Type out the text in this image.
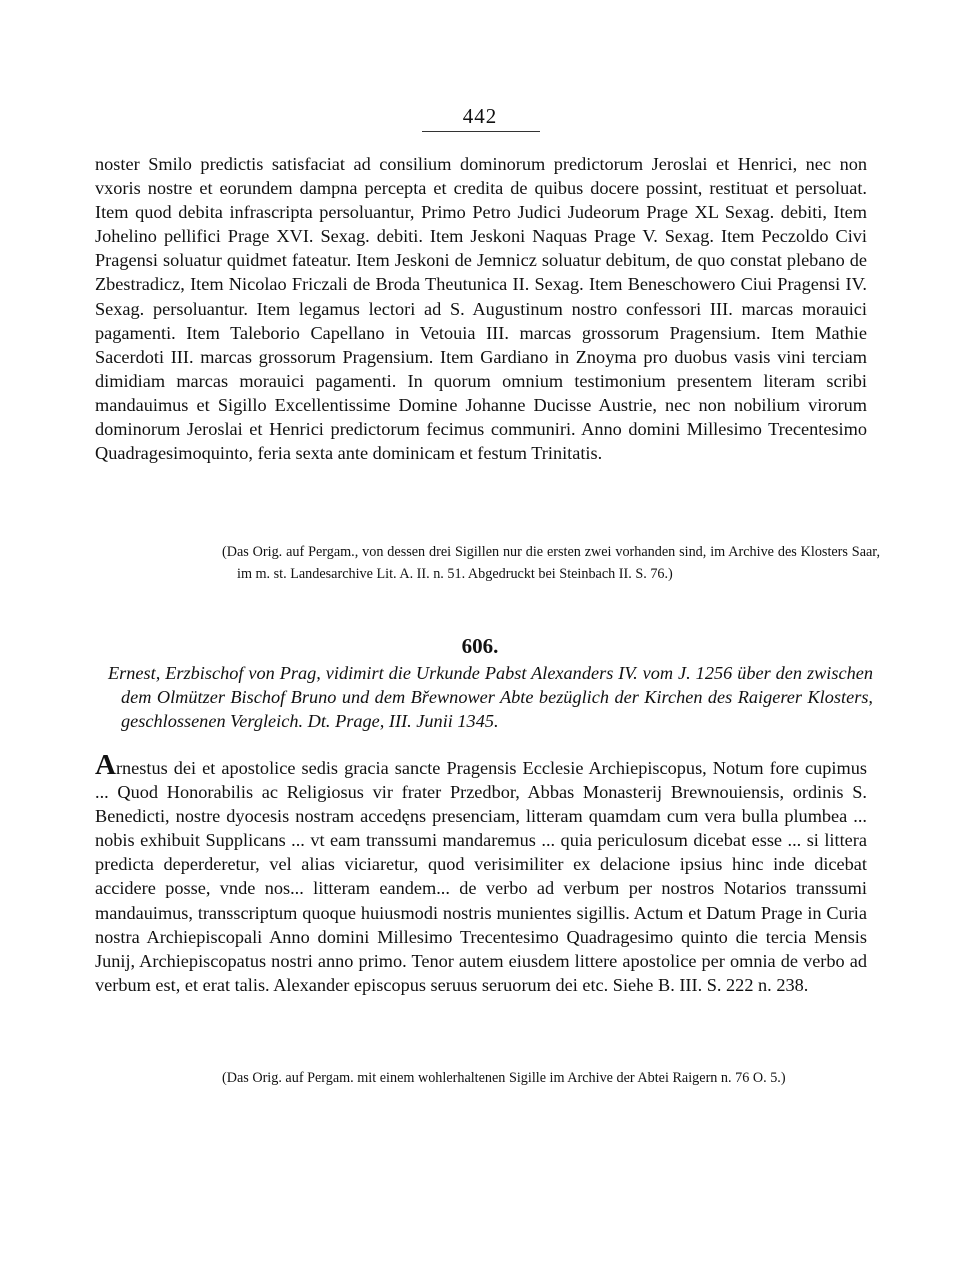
442

noster Smilo predictis satisfaciat ad consilium dominorum predictorum Jeroslai et Henrici, nec non vxoris nostre et eorundem dampna percepta et credita de quibus docere possint, restituat et persoluat. Item quod debita infrascripta persoluantur, Primo Petro Judici Judeorum Prage XL Sexag. debiti, Item Johelino pellifici Prage XVI. Sexag. debiti. Item Jeskoni Naquas Prage V. Sexag. Item Peczoldo Civi Pragensi soluatur quidmet fateatur. Item Jeskoni de Jemnicz soluatur debitum, de quo constat plebano de Zbestradicz, Item Nicolao Friczali de Broda Theutunica II. Sexag. Item Beneschowero Ciui Pragensi IV. Sexag. persoluantur. Item legamus lectori ad S. Augustinum nostro confessori III. marcas morauici pagamenti. Item Taleborio Capellano in Vetouia III. marcas grossorum Pragensium. Item Mathie Sacerdoti III. marcas grossorum Pragensium. Item Gardiano in Znoyma pro duobus vasis vini terciam dimidiam marcas morauici pagamenti. In quorum omnium testimonium presentem literam scribi mandauimus et Sigillo Excellentissime Domine Johanne Ducisse Austrie, nec non nobilium virorum dominorum Jeroslai et Henrici predictorum fecimus communiri. Anno domini Millesimo Trecentesimo Quadragesimoquinto, feria sexta ante dominicam et festum Trinitatis.

(Das Orig. auf Pergam., von dessen drei Sigillen nur die ersten zwei vorhanden sind, im Archive des Klosters Saar, im m. st. Landesarchive Lit. A. II. n. 51. Abgedruckt bei Steinbach II. S. 76.)

606.

Ernest, Erzbischof von Prag, vidimirt die Urkunde Pabst Alexanders IV. vom J. 1256 über den zwischen dem Olmützer Bischof Bruno und dem Břewnower Abte bezüglich der Kirchen des Raigerer Klosters, geschlossenen Vergleich. Dt. Prage, III. Junii 1345.

Arnestus dei et apostolice sedis gracia sancte Pragensis Ecclesie Archiepiscopus, Notum fore cupimus ... Quod Honorabilis ac Religiosus vir frater Przedbor, Abbas Monasterij Brewnouiensis, ordinis S. Benedicti, nostre dyocesis nostram accedęns presenciam, litteram quamdam cum vera bulla plumbea ... nobis exhibuit Supplicans ... vt eam transsumi mandaremus ... quia periculosum dicebat esse ... si littera predicta deperderetur, vel alias viciaretur, quod verisimiliter ex delacione ipsius hinc inde dicebat accidere posse, vnde nos... litteram eandem... de verbo ad verbum per nostros Notarios transsumi mandauimus, transscriptum quoque huiusmodi nostris munientes sigillis. Actum et Datum Prage in Curia nostra Archiepiscopali Anno domini Millesimo Trecentesimo Quadragesimo quinto die tercia Mensis Junij, Archiepiscopatus nostri anno primo. Tenor autem eiusdem littere apostolice per omnia de verbo ad verbum est, et erat talis. Alexander episcopus seruus seruorum dei etc. Siehe B. III. S. 222 n. 238.

(Das Orig. auf Pergam. mit einem wohlerhaltenen Sigille im Archive der Abtei Raigern n. 76 O. 5.)
